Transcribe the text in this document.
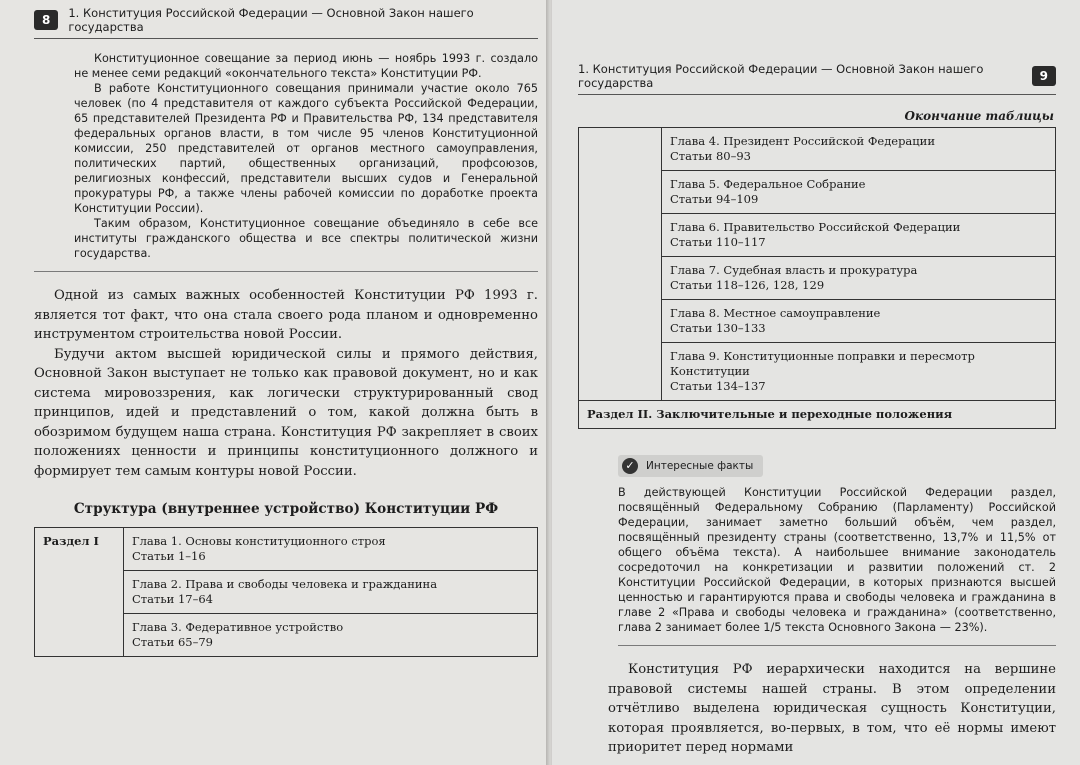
8	1. Конституция Российской Федерации — Основной Закон нашего государства

Конституционное совещание за период июнь — ноябрь 1993 г. создало не менее семи редакций «окончательного текста» Конституции РФ.

В работе Конституционного совещания принимали участие около 765 человек (по 4 представителя от каждого субъекта Российской Федерации, 65 представителей Президента РФ и Правительства РФ, 134 представителя федеральных органов власти, в том числе 95 членов Конституционной комиссии, 250 представителей от органов местного самоуправления, политических партий, общественных организаций, профсоюзов, религиозных конфессий, представители высших судов и Генеральной прокуратуры РФ, а также члены рабочей комиссии по доработке проекта Конституции России).

Таким образом, Конституционное совещание объединяло в себе все институты гражданского общества и все спектры политической жизни государства.

Одной из самых важных особенностей Конституции РФ 1993 г. является тот факт, что она стала своего рода планом и одновременно инструментом строительства новой России.

Будучи актом высшей юридической силы и прямого действия, Основной Закон выступает не только как правовой документ, но и как система мировоззрения, как логически структурированный свод принципов, идей и представлений о том, какой должна быть в обозримом будущем наша страна. Конституция РФ закрепляет в своих положениях ценности и принципы конституционного должного и формирует тем самым контуры новой России.

Структура (внутреннее устройство) Конституции РФ
Раздел I	Глава 1. Основы конституционного строя
Статьи 1–16

Глава 2. Права и свободы человека и гражданина
Статьи 17–64

Глава 3. Федеративное устройство
Статьи 65–79
1. Конституция Российской Федерации — Основной Закон нашего государства	9
Окончание таблицы

Глава 4. Президент Российской Федерации
Статьи 80–93

Глава 5. Федеральное Собрание
Статьи 94–109

Глава 6. Правительство Российской Федерации
Статьи 110–117

Глава 7. Судебная власть и прокуратура
Статьи 118–126, 128, 129

Глава 8. Местное самоуправление
Статьи 130–133

Глава 9. Конституционные поправки и пересмотр Конституции
Статьи 134–137

Раздел II. Заключительные и переходные положения
✓	Интересные факты

В действующей Конституции Российской Федерации раздел, посвящённый Федеральному Собранию (Парламенту) Российской Федерации, занимает заметно больший объём, чем раздел, посвящённый президенту страны (соответственно, 13,7% и 11,5% от общего объёма текста). А наибольшее внимание законодатель сосредоточил на конкретизации и развитии положений ст. 2 Конституции Российской Федерации, в которых признаются высшей ценностью и гарантируются права и свободы человека и гражданина в главе 2 «Права и свободы человека и гражданина» (соответственно, глава 2 занимает более 1/5 текста Основного Закона — 23%).

Конституция РФ иерархически находится на вершине правовой системы нашей страны. В этом определении отчётливо выделена юридическая сущность Конституции, которая проявляется, во-первых, в том, что её нормы имеют приоритет перед нормами
